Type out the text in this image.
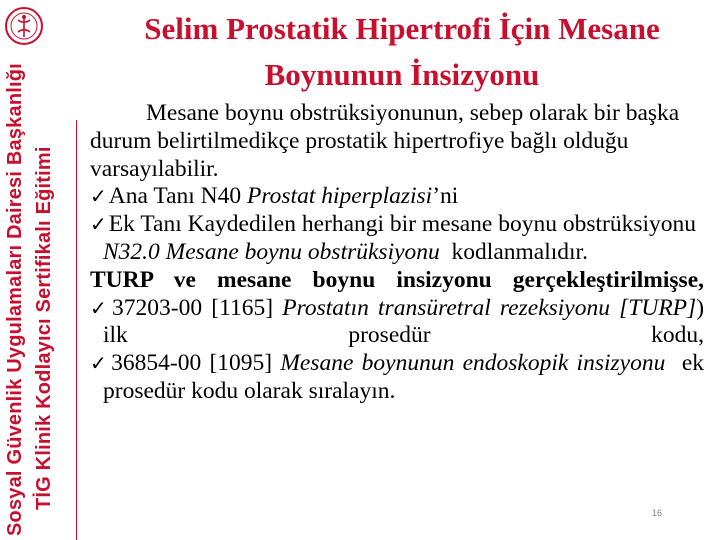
Sosyal Güvenlik Uygulamaları Dairesi Başkanlığı TİG Klinik Kodlayıcı Sertifikalı Eğitimi
Selim Prostatik Hipertrofi İçin Mesane
Boynunun İnsizyonu

Mesane boynu obstrüksiyonunun, sebep olarak bir başka durum belirtilmedikçe prostatik hipertrofiye bağlı olduğu varsayılabilir.

✓Ana Tanı N40 Prostat hiperplazisi’ni

✓Ek Tanı Kaydedilen herhangi bir mesane boynu obstrüksiyonu

N32.0 Mesane boynu obstrüksiyonu kodlanmalıdır.

TURP ve mesane boynu insizyonu gerçekleştirilmişse,

✓37203-00 [1165] Prostatın transüretral rezeksiyonu [TURP]) ilk prosedür kodu,

✓36854-00 [1095] Mesane boynunun endoskopik insizyonu ek prosedür kodu olarak sıralayın.

16
